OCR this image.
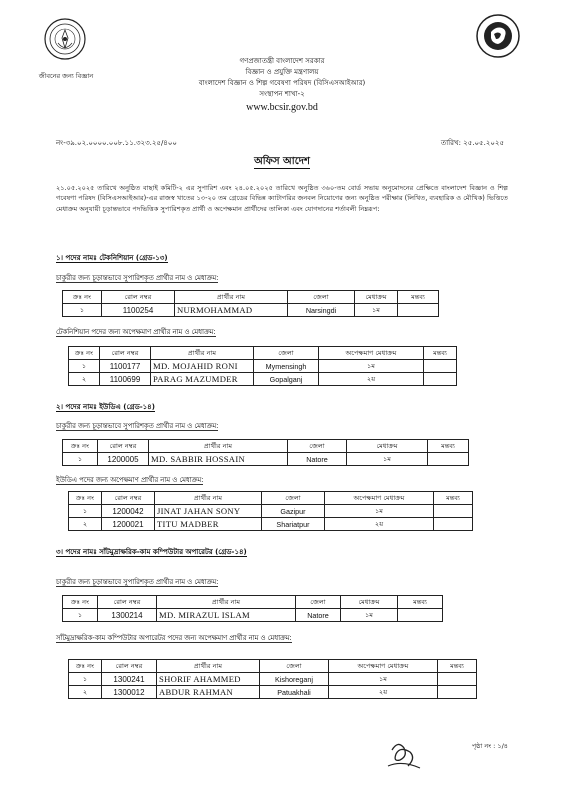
জীবনের জন্য বিজ্ঞান
গণপ্রজাতন্ত্রী বাংলাদেশ সরকার
বিজ্ঞান ও প্রযুক্তি মন্ত্রণালয়
বাংলাদেশ বিজ্ঞান ও শিল্প গবেষণা পরিষদ (বিসিএসআইআর)
সংস্থাপন শাখা-২
www.bcsir.gov.bd
নং-৩৯.০২.০০০০.০০৮.১১.৩২৩.২৫/৪০০	তারিখ: ২৫.০৫.২০২৫
অফিস আদেশ
২১.০৫.২০২৫ তারিখে অনুষ্ঠিত বাছাই কমিটি-২ এর সুপারিশ এবং ২৪.০৫.২০২৫ তারিখে অনুষ্ঠিত ৩৬০-তম বোর্ড সভায় অনুমোদনের প্রেক্ষিতে বাংলাদেশ বিজ্ঞান ও শিল্প গবেষণা পরিষদ (বিসিএসআইআর)-এর রাজস্ব খাতের ১৩-২০ তম গ্রেডের বিভিন্ন ক্যাটাগরির জনবল নিয়োগের জন্য অনুষ্ঠিত পরীক্ষার (লিখিত, ব্যবহারিক ও মৌখিক) ভিত্তিতে মেধাক্রম অনুযায়ী চূড়ান্তভাবে পদভিত্তিক সুপারিশকৃত প্রার্থী ও অপেক্ষমান প্রার্থীদের তালিকা এবং যোগদানের শর্তাবলী নিম্নরূপ:
১। পদের নামঃ টেকনিশিয়ান (গ্রেড-১৩)
চাকুরীর জন্য চূড়ান্তভাবে সুপারিশকৃত প্রার্থীর নাম ও মেধাক্রম:
ক্রঃ নং	রোল নম্বর	প্রার্থীর নাম	জেলা	মেধাক্রম	মন্তব্য
১	1100254	NURMOHAMMAD	Narsingdi	১ম	
টেকনিশিয়ান পদের জন্য অপেক্ষমাণ প্রার্থীর নাম ও মেধাক্রম:
ক্রঃ নং	রোল নম্বর	প্রার্থীর নাম	জেলা	অপেক্ষমাণ মেধাক্রম	মন্তব্য
১	1100177	MD. MOJAHID RONI	Mymensingh	১ম	
২	1100699	PARAG MAZUMDER	Gopalganj	২য়	
২। পদের নামঃ ইউডিএ (গ্রেড-১৪)
চাকুরীর জন্য চূড়ান্তভাবে সুপারিশকৃত প্রার্থীর নাম ও মেধাক্রম:
ক্রঃ নং	রোল নম্বর	প্রার্থীর নাম	জেলা	মেধাক্রম	মন্তব্য
১	1200005	MD. SABBIR HOSSAIN	Natore	১ম	
ইউডিএ পদের জন্য অপেক্ষমাণ প্রার্থীর নাম ও মেধাক্রম:
ক্রঃ নং	রোল নম্বর	প্রার্থীর নাম	জেলা	অপেক্ষমাণ মেধাক্রম	মন্তব্য
১	1200042	JINAT JAHAN SONY	Gazipur	১ম	
২	1200021	TITU MADBER	Shariatpur	২য়	
৩। পদের নামঃ সাঁটমুদ্রাক্ষরিক-কাম কম্পিউটার অপারেটর (গ্রেড-১৪)
চাকুরীর জন্য চূড়ান্তভাবে সুপারিশকৃত প্রার্থীর নাম ও মেধাক্রম:
ক্রঃ নং	রোল নম্বর	প্রার্থীর নাম	জেলা	মেধাক্রম	মন্তব্য
১	1300214	MD. MIRAZUL ISLAM	Natore	১ম	
সাঁটমুদ্রাক্ষরিক-কাম কম্পিউটার অপারেটর পদের জন্য অপেক্ষমাণ প্রার্থীর নাম ও মেধাক্রম:
ক্রঃ নং	রোল নম্বর	প্রার্থীর নাম	জেলা	অপেক্ষমাণ মেধাক্রম	মন্তব্য
১	1300241	SHORIF AHAMMED	Kishoreganj	১ম	
২	1300012	ABDUR RAHMAN	Patuakhali	২য়	
পৃষ্ঠা নং : ১/৪
